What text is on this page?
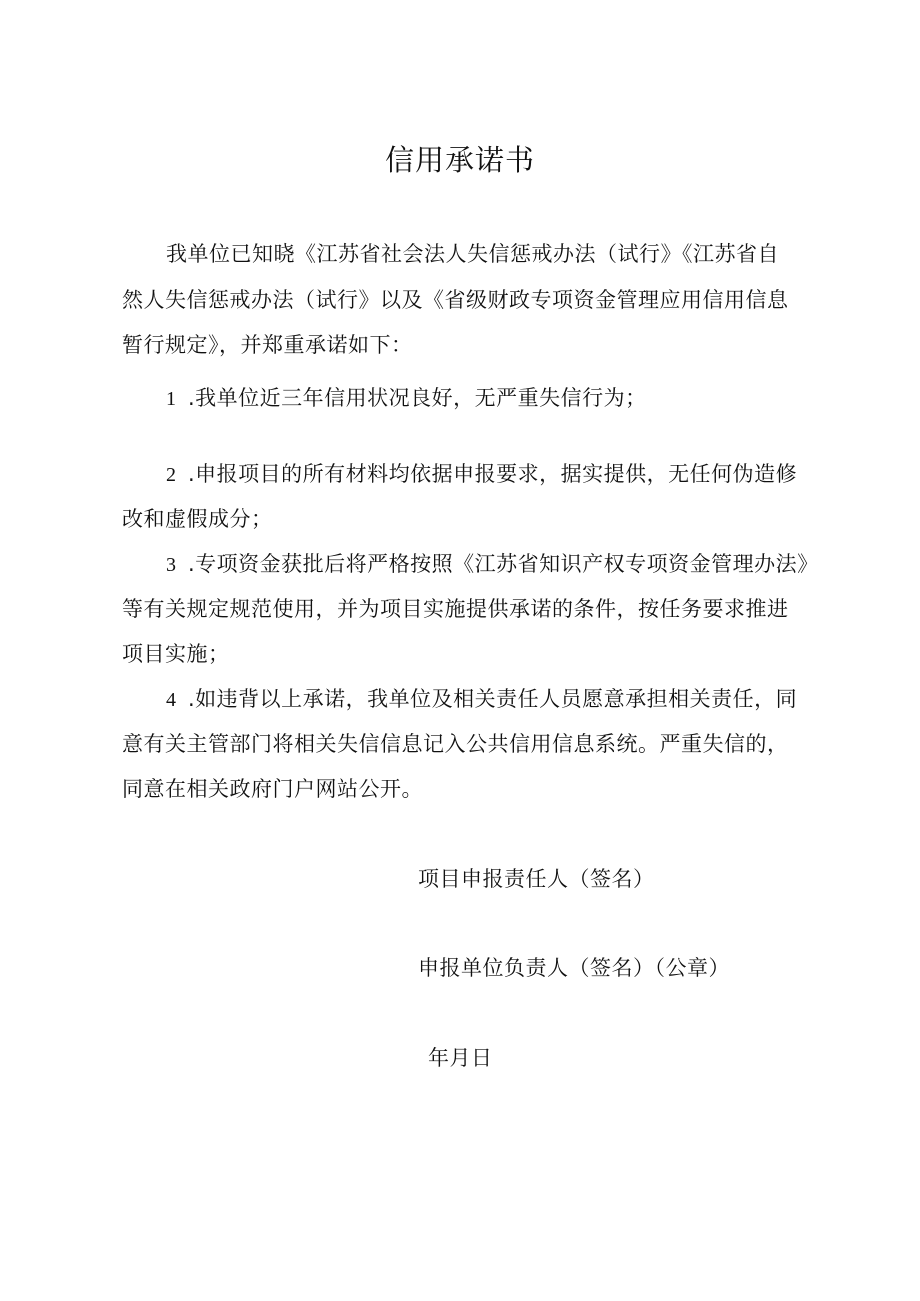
信用承诺书
我单位已知晓《江苏省社会法人失信惩戒办法（试行》《江苏省自
然人失信惩戒办法（试行》以及《省级财政专项资金管理应用信用信息
暂行规定》，并郑重承诺如下：
1 .我单位近三年信用状况良好，无严重失信行为；
2 .申报项目的所有材料均依据申报要求，据实提供，无任何伪造修
改和虚假成分；
3 .专项资金获批后将严格按照《江苏省知识产权专项资金管理办法》
等有关规定规范使用，并为项目实施提供承诺的条件，按任务要求推进
项目实施；
4 .如违背以上承诺，我单位及相关责任人员愿意承担相关责任，同
意有关主管部门将相关失信信息记入公共信用信息系统。严重失信的，
同意在相关政府门户网站公开。
项目申报责任人（签名）
申报单位负责人（签名）（公章）
年月日
